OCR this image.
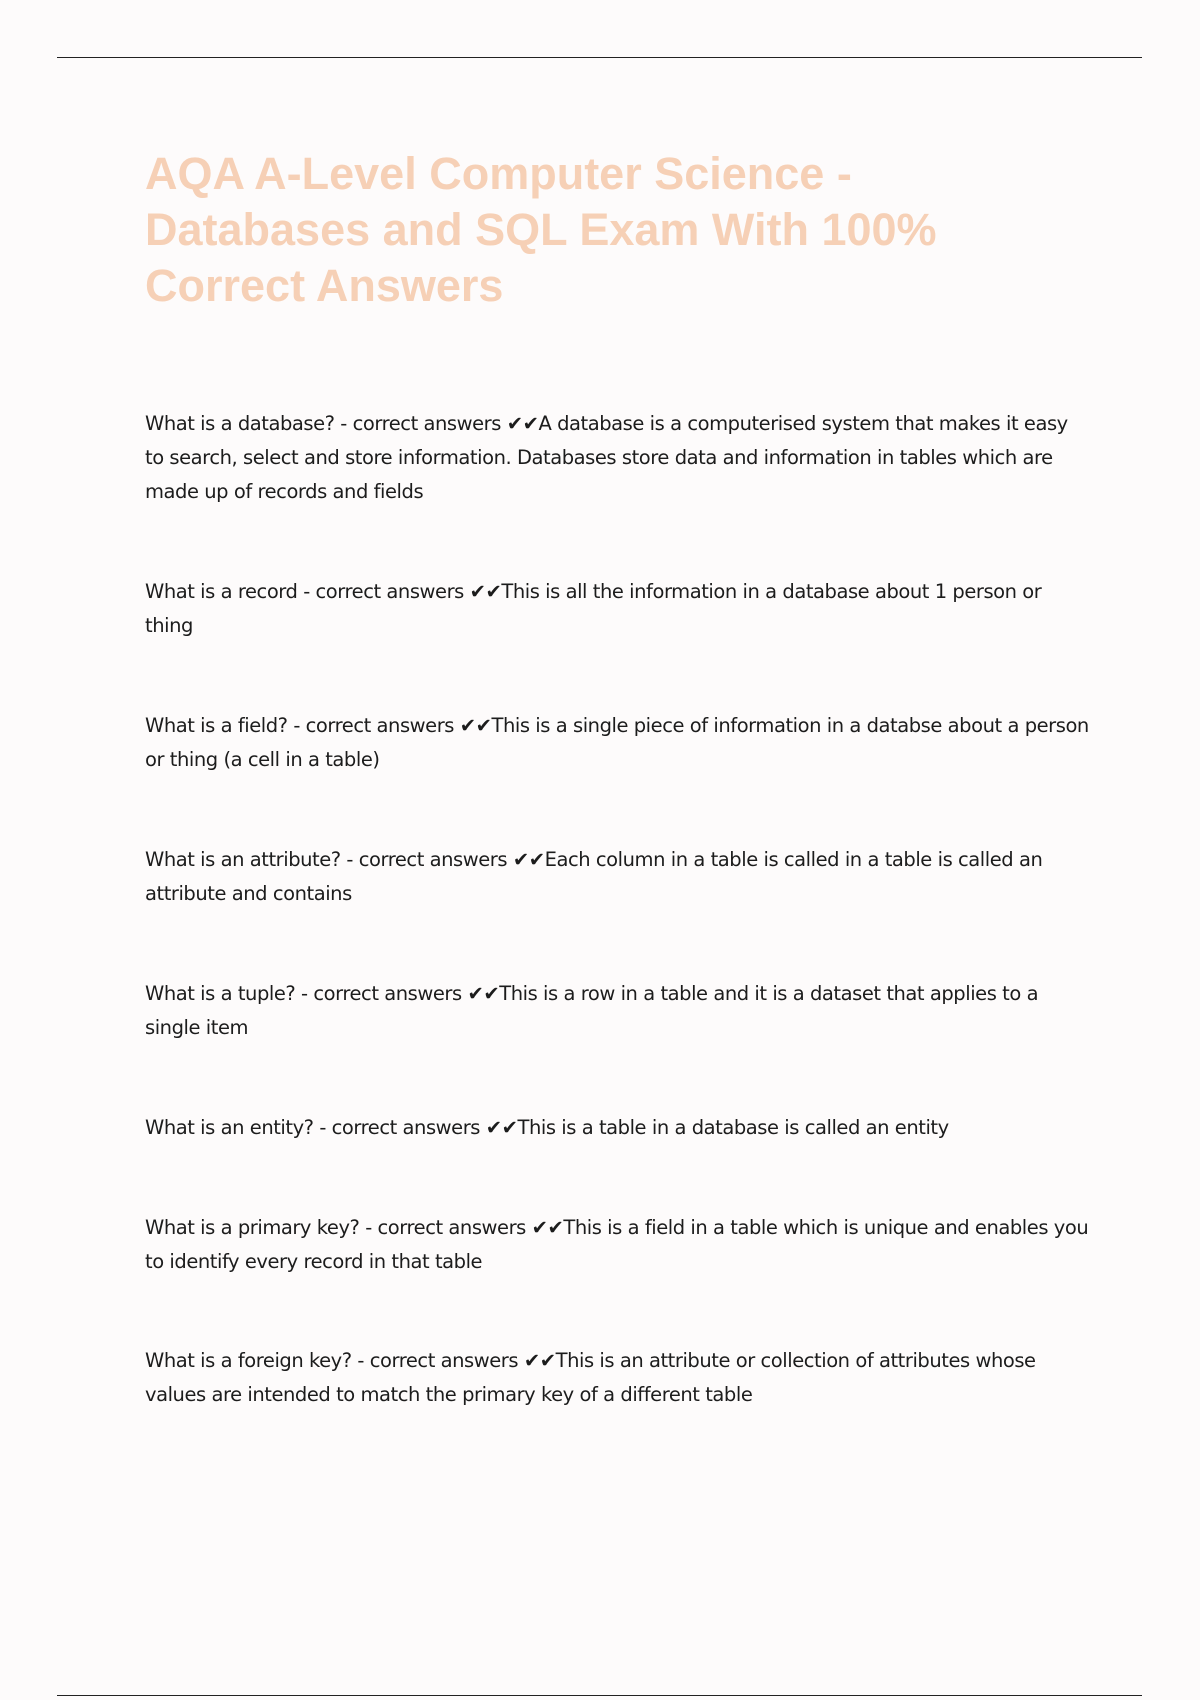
AQA A-Level Computer Science - Databases and SQL Exam With 100% Correct Answers

What is a database? - correct answers ✔✔A database is a computerised system that makes it easy to search, select and store information. Databases store data and information in tables which are made up of records and fields

What is a record - correct answers ✔✔This is all the information in a database about 1 person or thing

What is a field? - correct answers ✔✔This is a single piece of information in a databse about a person or thing (a cell in a table)

What is an attribute? - correct answers ✔✔Each column in a table is called in a table is called an attribute and contains

What is a tuple? - correct answers ✔✔This is a row in a table and it is a dataset that applies to a single item

What is an entity? - correct answers ✔✔This is a table in a database is called an entity

What is a primary key? - correct answers ✔✔This is a field in a table which is unique and enables you to identify every record in that table

What is a foreign key? - correct answers ✔✔This is an attribute or collection of attributes whose values are intended to match the primary key of a different table
